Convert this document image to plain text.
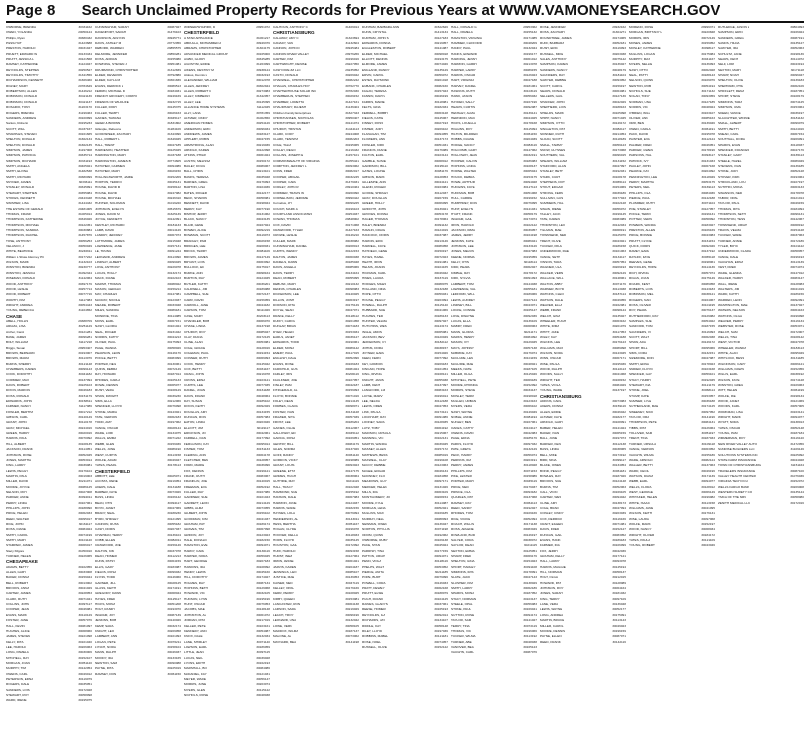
Page 8 Search Unclaimed Property Records for Previous Years at WWW.VAMONEYSEARCH.GOV
OSBORNE, BRENDA	30331162
OWEN, YOLANDA	20050124
Phillips, Ryan	30380432
PIZZA HUT	31423688
PRESTON, HAROLD	30031947
PRUETT, EDWARD W	30133434
PRUITT, JESSICA L	30121568
RAMSEY, KATHERINE	31124047
REYNOLDS, STEPHEN	30250527
REYNOLDS, TIMOTHY	31341556
RICHARDSON, KENNETH	31666460
RIGNEY, MARY	20784649
ROBERTSON, ALLEN	31446212
ROBINSON, DONALD	30421136
ROBINSON, DONALD	30421137
ROSARIO, TONY	31203170
ROGERS, BRENDA	31199463
SANDERS, ANDREW	30100999
Santos, Roberto	30195233
SCOTT, WILL	31037167
SHARPLES, STEVEN	30161665
SHELTON, DONALD	31662134
SHELTON, DONALD	31662135
SIMPSON, JAMES	31197008
SIMPSON, PATRICIA	30335714
SIMPSON, RICHARD	30331193
SMITH, ANGELA	30405021
SMITH, ELVINA	31482538
SMITH, RICHARD	30380099
SNYDER, JAMES	30336111
STANLEY, RONALD	30345991
STEWART, STEPHEN	30355084
STOKES, KENNETH	20443448
SWISHER, LISA	31444432
THE ESTATE OF GERALD	20481005
THOMAS, FRANK	31005014
THOMPSON, KATHERINE	30346026
THOMPSON, MICHAEL	30122451
THOMPSON, SANDRA	30030884
THOMPSON, RACHEL	31457876
TOSE, ANTHONY	30056253
VELASCO, J	30050049
WHITE, BEATRICE	30246911
William L Shaw Attorney PC	30177222
WILSON, MARK	31132103
WINSTON, BRENDA	30230777
WINSTON, JESSICA	31092344
WISEMAN, DONALD	31142064
WOOD, ANTHONY	30397176
WOOD, LESLIE	30257714
WOOD, ROBERT	30077716
WORTH, KIM	31117083
WRIGHT, ANDREA	30054443
YOUNG, REBECCA	31104652
CHASE
ABELL, HOLLIS	29388709
ARIAZA, LISA	30251129
Archer, Carol	30121281
BANE, JAMES	30096281
BOLT, WILLIAM	31117218
Briggs, Susan	29953407
BROWN, BERNARD	30193007
BROWN, MARIA	30113076
BURNS, SHERRY	30121148
CHAMBERS, KAREN	30099143
COOK, DOROTHY	30041182
CORMIER, MAX	30137094
DAVIS, ROBERT	30225103
DIXON, MARION	30046183
DOSS, RONALD	30151179
EDWARDS, JOHN	30158611
FARMER, NANCY	31117086
FOWLER, BERTHA	30017212
GIBSON, CARL	30140149
GRANT, JOHN	30110178
GRAY, MICHAEL	30244016
GREEN, HARRY	30020016
HARRIS, PAUL	30070092
HILL, ALBERT	30108135
JACKSON, FRANK	30114051
JOHNSON, ROSE	30052045
JONES, MARTHA	30053014
KING, LARRY	30039081
LEWIS, PEGGY	30176104
MARTIN, PAUL	30019003
MILLER, DAVID	30211071
MOORE, JOYCE	30086125
NELSON, ROY	30027008
PARKER, ANNE	30094011
PERRY, LINDA	30107061
PHILLIPS, JOHN	30188090
PRICE, HELEN	30062033
REED, WALTER	30095017
RICE, JOHN	30161117
ROSS, DIANE	30084024
SMITH, CAROL	30074199
SMITH, MARY	30101120
STAMPER, JAMES	30066017
Stacy Kilgore	31050010
TURNER, HELEN	30226065
CHESAPEAKE
ADAMS, BETTY	30102056
ALLEN, GARY	30033008
BAKER, DONNA	30159044
BELL, ROBERT	30013002
BROOKS, ANNA	30041029
CARTER, JAMES	30228053
CLARK, RUTH	30071041
COLLINS, JOHN	30097117
COOPER, JEAN	30046081
EVANS, MARK	30110129
FOSTER, JANE	30057076
HALL, KEVIN	30081097
HUGHES, ALICE	30068060
JAMES, STEVEN	30221098
KELLY, RITA	30101040
LEE, HAROLD	30206063
LONG, PAMELA	30030006
MITCHELL, RAY	30152107
MORGAN, JOAN	30051120
MURPHY, TIM	30142054
OWENS, CARL	30049012
PETERSON, EDNA	30119079
ROGERS, DALE	30035051
SANDERS, LOIS	30172028
STEWART, ROY	30058098
WARD, IRENE	30195075
CUNNINGHAM, SARAH	30087027
DAVENPORT, SARAH	31476103
DAVIDSON, ARLYNN	30945771
DAVIS, ASHLEY M	29772056
DEBORD, WARREN	29855575
DELMORE, JENNIFER	29850281
DOSS, ADRIAN	30155080
DOWNING, STEVEN J	30951081
DRUMMOND, CHRISTOPHER	31312839
ELDER, DEVERON	30792880
ELDER, KAYLA M	30361836
EVANS, DERRICK L	30089513
FERRIN, MICHAEL D	30184031
FRENCH GROCERY, CORPO	30249169
FRIENDS OF WILDLIFE	30232715
FULLER, DORY	30145375
FULLER, TEMPY	30026163
GAINES, TAWANA	30945117
GEIER & BROWN	31831802
Gillespie, Rebecca	31284106
GOODSPEED, ZACHARY	31343096
HALL, ROBERT L	31649045
HALL, TRENT	30047185
HARDESON, HEATHER	30125045
HARRINGTON, MARY	31037188
HARRINGTON, JAMES B	30774605
HATCHER, CARMEN	30094086
HATCHER, MARY	30029150
HOLLINGSWORTH, JAMIE	30152209
HORTON, TEDROI	30045131
HOUSE, DAVID M	30158122
HOUSE, DAVID	30247082
HOUSE, MICHAEL	30246310
HUNTER, SOLOMAN	31019220
JOHNSON, EVELYN	30515679
JONES, DAVID M	31625139
JOYCE, KENNETH	30142091
KENTLEY, RICHARD	30181133
LAMB, DAVID	30014126
LANDRY, JEFFREY	30067073
LATTIMORE, JAMES	30215048
LAWRENCE, JANE	30157131
LE, TRUNG	30091244
LEONARD, ANDREW	30113090
LINDSAY, ALBERT	30099045
LOVE, ANTHONY	30229078
LUCAS, HOLLY	30132174
MACK, DIANE	30102103
MARSH, THOMAS	30088022
MASON, GERALD	30159214
MAY, CHARLES	30147081
McCRAY, NICOLE	30123037
MEADE, ROBERT	30033048
MILES, SANDRA	30089181
MONROE, TINA	30114085
MOSS, EARL	30067151
NASH, GLORIA	30101024
NEAL, ROGER	30231042
NORRIS, KATHY	30044213
OLIVER, PAUL	30175093
PAGE, WANDA	30058026
PEARSON, LEON	30146176
POOLE, BETTY	30083099
PORTER, NEIL	30130061
QUINN, DEBRA	30072149
RAY, HOWARD	30187014
RHODES, CARLA	30105133
ROWE, DENNIS	30065077
RUSH, VERA	30168129
SHAW, DWIGHT	30039230
SIMS, ELLA	30212066
SPENCER, LLOYD	30076098
STONE, MARIA	30143021
TATE, VERNON	30062183
TODD, AMY	30197062
VANCE, OSCAR	30028144
WADE, LORI	30134075
WALLS, EMMA	30071222
WEBB, GLEN	30159036
WELLS, JUNE	30086190
WEST, CURTIS	30113158
WOLFE, ADAM	30049047
YATES, PEARL	30178113
CHESTERFIELD
ABBOTT, LEE	30025071
ACOSTA, RENE	30219054
AKERS, DALE	30131188
BARBER, FAYE	30073026
BASS, LINDA	30166142
BEAN, OTIS	30094117
BOYD, JANET	30047069
BRADY, NEAL	30188230
BYRD, SHIRLEY	30121095
CANNON, RUSS	30055182
CASH, DORIS	30207037
CHAPMAN, TERRY	30136104
COBB, ELLEN	30082011
CRAWFORD, JOE	30159146
DALTON, KIM	30037078
DEAN, HOMER	30112213
DUNN, PATSY	30064159
ELLIS, GARY	30183087
FIELDS, ROSA	30099032
FLYNN, TODD	30146060
GARNER, JILL	30028125
GLASS, KEITH	30174191
GREGORY, DAWN	30068044
HAYES, FRED	30125117
HICKS, MONA	30051208
HOLT, RANDY	30193070
INGRAM, JOY	30087139
JENKINS, BOB	30140026
KEMP, SARA	30032174
KNIGHT, LEO	30209058
LAMBERT, ANN	30101093
LOGAN, PETE	30076211
LYNCH, NORA	30158104
MANN, RALPH	30046037
MOODY, IDA	30133165
NEWTON, SAM	30090088
PAYNE, RITA	30225019
RAMSEY, DON	30061150
WIDNER/SHAPIRO, D	29951072
CHESTERFIELD
A STAR APPLIANCE	31061217
ABDULLA, MOHAMMED A	30949376
ABRAMS, CHRISTOPHER	31304175
ADVANCED MEDICAL GROUP	30165000
AGBO, GLORY	30345285
AGOSTINI, EDDIE	31263099
AIKENS, DESTINY M	30938124
Aldous, Dennis L	30032193
ALEXANDER, WILLIAM	30012078
ALLEN, JEFFREY	30302944
ALLEN, ROBERT C	30273083
ALLEY, KIMBERLY	31342057
ALLEY, LEE	30145395
ALLIANCE HOME SYSTEMS	31112045
ALLY, LANA	30781359
ALTIZER, CINDY	31002650
AMERICAN HOMES	30254126
ANDERSON, ERIC	30096034
ANDREWS, JAMES	30183127
APPLEBY, ROBIN	30047155
ARMSTRONG, ALAN	30219036
ARNOLD, KAREN	30122098
ATKINS, PHILIP	30061024
AUSTIN, MELISSA	30150172
BAILEY, DOUG	30089067
BALL, CHRIS	30213101
BANKS, TERESA	30035048
BARNES, GREG	30176093
BARTON, LISA	30104036
BATES, ROGER	30142177
BECK, SHARON	30058081
BENNETT, DAVID	30198044
BERRY, KAY	30077190
BISHOP, JERRY	30131062
BLACK, NANCY	30043135
BLAIR, GENE	30167024
BOWEN, ALICE	30092219
BOWMAN, SCOTT	30119073
BRADLEY, PAM	30026158
BRIDGES, LEE	30208031
BROCK, TERRY	30081106
BROWN, JAMES	30147149
BRYANT, LOIS	30063092
BULLOCK, ED	30175017
BURKE, ANN	30098164
BURTON, RAY	30124045
BUTLER, KATHY	30036201
CALDWELL, JIM	30189088
CAMPBELL, SUE	30072137
CARR, DAVID	30156059
CARROLL, JANE	30044182
CARSON, TOM	30111026
CASE, MARY	30203113
CHANDLER, BOB	30066070
CHASE, LINDA	30137198
CHURCH, ROY	30085047
CLAY, DIANA	30172125
CLINE, ALAN	30053081
COLE, GRACE	30128016
COLEMAN, PAUL	30194154
CONNER, RUTH	30069093
COOK, HENRY	30145042
COX, BETTY	30031167
CRAIG, JOHN	30216078
CROSS, EDNA	30103121
CURTIS, LEE	30077035
DANIEL, JOAN	30161188
DAVIS, FRANK	30048064
DAY, SUSAN	30185102
DIXON, KEITH	30092029
DOUGLAS, AMY	30134155
DUNCAN, RON	30057083
EATON, LINDA	30203046
ELLIOTT, JIM	30119117
ERICKSON, JO	30042061
FARRELL, DAN	30177092
FERGUSON, KAY	30095014
FISHER, TOM	30151133
FLEMING, ANN	30064178
FLETCHER, BEN	30128057
FORD, MARIE	30036096
FOX, DENNIS	30199121
FRANK, RUTH	30083067
FRANKLIN, JOE	30140015
FREEMAN, EVA	30052192
FULLER, RAY	30167086
GARDNER, SUE	30101043
GARRETT, LEON	30214129
GIBBS, ALMA	30073055
GILBERT, JOHN	30156102
GOODMAN, KIM	30041037
GRAHAM, PAT	30189174
GRAVES, TIM	30067098
GRIFFIN, JOY	30123023
HALE, DONALD	30182150
HAMILTON, EVE	30094071
HARDY, CARL	30136116
HARPER, NORA	30059045
HART, GEORGE	30207183
HAWKINS, IDA	30108092
HENRY, LEWIS	30045160
HILL, DOROTHY	30174027
HOLMES, RAY	30087134
HOPKINS, BETH	30129068
HOWARD, VIC	30032105
HUDSON, LYNN	30195196
HUNT, OSCAR	30076053
JACOBS, MAE	30148148
JOHNSTON, AL	30061072
JORDAN, RITA	30217019
KELLER, PETE	30103161
KENNEDY, ANN	30054087
KNOX, DALE	30132034
LANE, SHIRLEY	30071140
LAWSON, EARL	30186059
LITTLE, JEAN	30097115
LUCAS, NEIL	30039028
LYONS, EDITH	30162193
MARSHALL, BO	30084086
McDANIEL, FAY	30121031
MEYER, WADE	30056147
MORRIS, JUNE	30203074
MYERS, GLEN	30115122
NICHOLS, ROSE	30048038
CALHOUN, ANTHONY C	31409014
CHRISTIANSBURG
CALAWAY, AMY C	31323694
CANADY, VAN	31132604
CANNON, JOHN D	30945484
CANNON RIVER VALLEY	29976266
CARTER, KIM	30196016
CARTWRIGHT, DENISE	29227050
CASH FIRE ZZ LLC	29235052
CASTO, DONALD	30209042
CHADWELL, CHRISTOPHER	30082242
CHAGAS, CHARLES HOY	30762770
CHAPTERHOUSE SOLAR INC	30782030
CHAMBERLIN, STEPHEN	30029152
CHAMBER, LORETTA	31427161
CHAUDHARY, RAJESH	31136404
Children Family Enterprises	31627343
CHRISTIANSEN, NICHOLAS	30950407
CHRISTOPHER, ROBERT	30141074
CHURCH, TRISTAN	31444113
CLARK, CORY	30244008
CLARK, TENISHA	30082203
COLE, TALIA	30195065
COLLEY, REGO	31216432
COLLINS, JOSEPH E	31157101
COMMONWEALTH OF VIRGINIA	31055421
COMPTON, JEFFREY L	30093062
CONN, FRED	30082017
COOPER, ABIGAIL	30032245
COOPER, CARL	31479031
CORLEY, JOHN R	29910464
CORMIER, TRAVIS W	30260090
CORNELISON, JEROME	30990422
Cornelius, JH	30099225
COUCH, MARK A	30196103
COURTLAND ASSOCIATES	30254037
COWAN, THOMAS	29848002
COX, DAVID	30171068
CRAWFORD, TYLER	31427163
CROWE, LESLIE	30146210
CULLER, MARK	30038082
CUNNINGHAM, DANIEL	30208013
CURTIS, WENDY	30122153
DALTON, JAMES	30060038
DANIELS, DAWN	30185048
DAVIS, ANGELA	30085066
DAVIS, TERRY	30134164
DEAN, ROBERT	30055095
DEBUSK, MARY	30210132
DENNIS, CHARLES	30098083
DICKERSON, LEE	30140025
DILLON, JOSH	30063197
DODSON, RITA	30175149
DOYLE, SEAN	30047071
DRAKE, KELLY	30128112
DUFFY, CAROL	30201058
DUNLAP, BRIAN	30074183
DYER, HELEN	30153034
EARLS, JANET	30036127
EDWARDS, TODD	30190061
ELDER, MONA	30089142
EMERY, PAUL	30117015
ENGLISH, DALE	30052096
EVANS, ROSE	30166183
FAIRCHILD, GUS	30081024
FARLEY, IRIS	30206116
FAULKNER, JOE	30107057
FINLEY, PAM	30042187
FITZGERALD, AL	30159093
FLOYD, BONNIE	30071016
FOLEY, DEAN	30214145
FORBES, CLARA	30098071
FOSTER, IVAN	30131128
FRAZIER, NITA	30057039
FROST, LEE	30186204
GAINES, OLLIE	30112067
GALLOWAY, ED	30045112
GARCIA, ROSA	30169051
GENTRY, BILL	30084179
GILES, NORMA	30137026
GOFF, RANDY	30061140
GORDON, VICKY	30198089
GRANT, LOUIS	30093023
GREENE, ETTA	30147175
GRIMES, HUGH	30038064
GUTHRIE, MAY	30211119
HALL, TRACY	30102048
HAMMOND, SUE	30155192
HANSON, DALE	30067083
HARMON, JUNE	30124037
HARRIS, WADE	30182156
HAYNES, LOLA	30079094
HENDERSON, AL	30143011
HESS, BERTHA	30051167
HOGAN, CLYDE	30196078
HOOVER, DELLA	30118033
HORN, FLOYD	30035145
HOUSTON, GAIL	30172092
HUFF, HAROLD	30093158
HURST, INEZ	30127064
IRWIN, JESSE	30061021
JARVIS, KAREN	30204187
JENNINGS, LEO	30085107
JUSTICE, MAE	30139053
KAISER, NED	30047119
KELLEY, OPAL	30176166
KERR, PERRY	30108025
KIRBY, QUEEN	30153081
LANCASTER, RON	30064138
LARSON, SARA	30219029
LEACH, TROY	30096196
LEONARD, UNA	30132042
LOWE, VERN	30058105
MADDOX, WILMA	30187137
MALONE, AL	30073062
MAYNARD, BEA	30141198
DUNHAM, BARBARA ANN	31522626
DUNN, CRYSTAL	31413134
DURHAM, JOHN S	30127183
EDWARDS, DONNA	30219057
EGGLESTON, ROBERT	30141087
ELDER, MICHAEL	30098018
ELLIOTT, DENNIS	30193175
ELMORE, JAMES	30074046
ENGLAND, RANDY	30135129
ERVIN, CAROL	30059072
ESTES, RAYMOND	30201018
EUBANK, CHARLES	30082160
FAGAN, TERESA	30157043
FANNIN, DARYL	30046199
FARRIS, MARIE	30118081
FELTS, GINA	30182034
FERRELL, BOBBY	30063128
FIELDS, KATIE	30145067
FINNEY, ROSS	30027193
FISHER, JUDY	30209102
FLANAGAN, TIM	30094055
FLOWERS, ANN	30137173
FOWLER, KIRK	30051031
FRANCIS, DIANE	30176089
FULTON, EARL	30103144
GAMBLE, SUSIE	30068012
GARRISON, BILL	30195110
GATES, LOUISE	30081176
GIBSON, MARK	30128053
GILLESPIE, ANN	30044121
GLENN, ROGER	30163084
GOODE, SHIRLEY	30112037
GRAY, DOUGLAS	30207159
GREER, HOLLY	30066095
GRIFFITH, JOHN	30139021
GROVES, DONNA	30053178
HAGER, THOMAS	30178064
HALEY, BRENDA	30091132
HAMLIN, CRAIG	30124019
HANCOCK, DORIS	30037087
HARDIN, ERIC	30213146
HARRELL, FAYE	30086058
HATFIELD, GENE	30150197
HAYES, HAZEL	30072023
HEATH, IRVIN	30191081
HELMS, JOANN	30104165
HICKMAN, KARL	30046042
HINES, LAURA	30167119
HODGES, MILES	30088075
HOLLAND, NINA	30132188
HOPE, OTTO	30059031
HOUSE, PEGGY	30203094
HOWELL, RALPH	30115140
HUBBARD, SUE	30041066
HUGHES, TED	30186133
HUNTER, VELMA	30097027
HUTCHINS, WES	30143174
INGLE, AMOS	30065081
JACKSON, BEV	30120049
JEFFERSON, CY	30182112
JOHNS, DORA	30038157
JOYNER, EARL	30154026
KEEN, FERN	30077092
KEY, GORDON	30209183
KINCAID, HOPE	30101054
KING, IRVING	30168121
KNIGHT, JANIS	30055038
LAMB, KENT	30137097
LANGFORD, LIZ	30083163
LAYNE, MARV	30196014
LEE, NELDA	30112188
LEWIS, OREN	30047053
LINK, PAULA	30173121
LOCKHART, RAY	30091086
LOONEY, SARA	30128035
LUTZ, TOBY	30064192
MADISON, URSULA	30215067
MANNING, VIC	30102131
MARTIN, WANDA	30039045
MASSEY, ALLEN	30157172
MATHEWS, BESS	30085019
MAXWELL, CLAY	30199108
McCOY, DEBBIE	30123063
McGEE, EDGAR	30046134
McKINNEY, FLO	30184058
MEADOWS, GUY	30097171
MERCER, HELEN	30131026
MILLS, IRA	30063109
MONTGOMERY, JO	30208154
MOORE, KYLE	30114087
MORGAN, LENA	30052021
MULLINS, MAX	30169185
MURRAY, NELL	30088093
NEWMAN, OWEN	30136047
NORTON, PHYLLIS	30071198
ODOM, QUINN	30192062
OSBORNE, RUBY	30109138
PACE, STAN	30045024
PARRISH, TINA	30177159
PATTON, URIAH	30094071
PENN, VIOLA	30128116
PHELPS, WALT	30053052
PIERCE, ANITA	30211185
POPE, BURT	30079096
POWELL, CORA	30146033
PRATT, DEWEY	30062168
PRUITT, ELSIE	30188079
PUGH, FRANK	30104125
RAINES, GLADYS	30037061
REESE, HOMER	30165193
REYNOLDS, ILA	30092014
RICHARDS, JAY	30134107
RIDDLE, KAY	30058148
RILEY, LLOYD	30197036
ROBBINS, MABEL	30121181
ROSE, NOEL	30074057
RUSSELL, OLIVE	30152122
HALL, DONALD G	29953362
HALL, PAMELA	30155132
HAMILTON, VIRGINIA	30171085
HAMMER, CLIFFORD	30048209
HANDY, PAUL	30132044
HANKS, EDWARD	30196177
HARDING, JENNY	30061012
HARMON, GARRY	30213078
HARPER, LARRY	30089155
HARRIS, OSCAR	30126023
HART, VIRGINIA	30047188
HARVEY, DANIEL	30181061
HASKINS, RUTH	30103119
HAWK, JASON	30056032
HAYDEN, SALLY	30167196
HEARN, CURTIS	30092087
HENSLEY, ALMA	30139141
HERNDON, MAC	30044025
HICKS, LOUELLA	30178168
HIGGINS, ROY	30115094
HILTON, MILDRED	30061150
HOBBS, DUANE	30204039
HODGE, NANCY	30083116
HOLCOMB, GARY	30147062
HOLLOWAY, JEAN	30032191
HOOPER, CALVIN	30186083
HOPKINS, LINDA	30108137
HORNE, WALTER	30065044
HOUCK, DEBRA	30153175
HOWE, ARTHUR	30094028
HUDGINS, FAYE	30127113
HUFFMAN, BOB	30051068
HULL, CARRIE	30199152
HUMPHREY, DON	30076095
HUNT, EVELYN	30141031
HYATT, FRANK	30058179
INGRAM, GAIL	30173074
IRVIN, HAROLD	30102122
JACKSON, IRMA	30039057
JAMES, JERRY	30164198
JENKINS, KATE	30086041
JOHNSON, LEE	30133126
JONES, MELVIN	30047083
KEENE, NORMA	30195059
KELLY, OTIS	30118114
KIDD, PEARL	30062027
KIMBLE, RAY	30178172
KIRK, SYLVIA	30091093
LAMBERT, TOM	30144038
LAWRENCE, VAL	30055181
LEDFORD, WILL	30189066
LEWIS, AUDREY	30107124
LINDSEY, BILL	30043071
LOCKE, CONNIE	30165147
LOVE, DWAYNE	30092036
LUCAS, ELLA	30136109
MABRY, FRED	30068063
MANN, GLORIA	30211171
MARKS, HENRY	30084092
MASON, IVY	30129045
MAYS, JOHNNY	30057138
McBRIDE, KAY	30176074
McCLURE, LEN	30101159
McGUIRE, MAE	30048021
MEEKS, NATE	30187105
MILLER, OLGA	30115046
MITCHELL, PETE	30069189
MOORE, RHONDA	30152092
MORRIS, STEVE	30034137
MOSLEY, TERRI	30198018
MULLEN, URBAN	30123163
MYERS, VERA	30066102
NASH, WAYNE	30149049
NOBLE, ANNIE	30081194
NUNLEY, BEN	30167061
OAKES, CATHY	30104117
OWENS, DAVID	30042083
PAGE, EDNA	30185176
PARKS, FLOYD	30097032
PATE, GRETA	30132129
PECK, HARRY	30056074
PERKINS, IDA	30203191
PERRY, JAMES	30118028
PHILLIPS, KIM	30071153
PIKE, LESTER	30158086
PORTER, MARY	30045119
PRICE, NED	30179037
PRINCE, OLA	30093182
QUARLES, PAT	30137068
RAMSEY, RAY	30064113
REED, SANDY	30192027
RHODES, TOM	30109166
RICE, VICKIE	30052094
ROACH, WILLIS	30171138
ROSS, ARLENE	30083049
ROWLAND, BUD	30146197
SALYER, CORA	30038072
SAYLOR, DEAN	30211115
SEXTON, EMMA	30125051
SHARP, FRED	30069176
SHELTON, GINA	30154023
SHORT, HARLEY	30091108
SIMMONS, IRIS	30178091
SLATE, JACK	30047143
SLUSHER, KIM	30138029
SMITH, LARRY	30062186
SPARKS, MONA	30187052
STACY, NORMAN	30103137
STEELE, OPAL	30056083
STONE, PAUL	30169041
SUTTON, ROSE	30094174
TAYLOR, SAM	30141027
TERRY, TINA	30072119
THOMAS, VIC	30196066
TUCKER, WILMA	30113192
TURNER, ABE	30048038
VANOVER, BEA	30165123
VAUGHN, CARL	30087076
ROSE, JENNIFER	29932162
ROSS, ZACHARY	31304271
ROUNDTREE, JAMES	30174065
RUFF, BARBARA	30052181
RUSH, ERIC	30119093
RUSSELL, MIKE	30203038
SALES, ANTHONY	30075142
SAMPSON, KAREN	30136027
SANDERS, NANCY	30048179
SAUNDERS, RAY	30181104
SAWYER, DEBBIE	30093052
SCOTT, CAROL	30159197
SEARS, DONALD	30064081
SELLERS, GAIL	30127136
SHAFFER, JOHN	30042029
SHEPHERD, LOIS	30188163
SHIELDS, MARK	30105098
SHIPP, NANCY	30071045
SIMPSON, OTTO	30149172
SINGLETON, PAT	30082117
SKINNER, RUTH	30214054
SLOAN, SCOTT	30118189
SMALL, TAMMY	30059123
SNOW, ULYSSES	30173068
SOUTHERN, VAL	30096015
SPEARS, WILLIAM	30131152
STAFFORD, ALAN	30047097
STANLEY, BETH	30192031
STARK, CURT	30108178
STEPHENS, DOT	30065114
STOUT, EDGAR	30154069
STRONG, FERN	30039186
SULLIVAN, GUS	30177043
SUMMERS, HAL	30102128
SWAIN, IRENE	30056072
TALLEY, JACK	30199145
TATE, KAREN	30083089
THORNTON, LEO	30142034
TILLMAN, MAE	30068191
TOWNSEND, NED	30125076
TRENT, OLIVE	30043021
TUCKER, PAUL	30186158
UNDERWOOD, RAE	30101063
VANCE, SETH	30134117
VINSON, TARA	30057054
WAGNER, ULA	30209193
WALKER, VERN	30092129
WALLACE, WILL	30148061
WALTON, ABBY	30071176
WARNER, BOYD	30113038
WATKINS, CLEO	30187114
WATSON, DALE	30049056
WEAVER, ELLA	30162081
WEBB, FRANK	30098144
WELCH, GINA	30135027
WHEELER, HUGH	30063162
WHITE, IRMA	30201079
WHITT, JAKE	30117053
WILEY, KAY	30054188
WILKINS, LEE	30176123
WILLIAMS, MAX	30089098
WILSON, NORA	30143045
WINN, OSCAR	30067171
WISE, PAULA	30195036
WOOD, RALPH	30122113
WOODS, SALLY	30041068
WRIGHT, TED	30168152
YATES, VIOLA	30084029
YOUNG, WADE	30137197
CHRISTIANSBURG
ADKINS, CARL	30073083
AKERS, DONNA	30159116
ALLEN, EDDIE	30046042
ALTIZER, FAYE	30182177
ARNOLD, GARY	30108091
BABER, HELEN	30141024
BAKER, IVAN	30065159
BALL, JUNE	30197073
BARKER, KEN	30112138
BASS, LINDA	30038065
BELL, MIKE	30173192
BIRD, NINA	30099117
BLAKE, OWEN	30134054
BOND, PEGGY	30061181
BOWLES, RAY	30187026
BROOKS, SUE	30124148
BURNS, TIM	30052063
CALL, VICKI	30169105
CARTER, WES	30094042
CLINE, AMY	30138173
COLE, BRAD	30047094
CONLEY, CINDY	30203039
COX, DERRICK	30116166
CRAFT, EILEEN	30071081
DAVIS, FRED	30152127
DUNCAN, GAIL	30083052
EVANS, HANK	30189183
FARMER, IDA	30106099
FOX, JERRY	30042036
GRAHAM, KELLY	30177121
HALL, LARRY	30093078
HARRIS, MAGGIE	30145194
HILL, NORMAN	30058137
HOLT, OLGA	30212015
HOWARD, PAT	30128089
JOHNSON, ROY	30064164
JONES, SARAH	30181032
KING, TERRY	30097109
LANE, VERA	30136048
LEWIS, WAYNE	30052177
LONG, ANDREA	30175091
MARTIN, BRUCE	30113143
MILLER, CAROL	30049023
MOORE, DENNIS	30196159
PAYNE, ELLEN	30087071
REED, FRANK	30142116
MORENO, ROSE	29999371
MORGAN, BRITTANY L	30220848
MORRIS, IRIS	30072149
MOSES, JAMES	30159052
MOSLEY, KATHERINE	30098117
MULLINS, LOGAN	30175084
MURPHY, MAX	30041167
MYERS, NELLIE	30136093
NASH, OTTO	30062028
NEAL, PATTY	30188143
NELSON, QUINN	30109076
NEWTON, ROB	30054194
NICHOLS, SUE	30171132
NOLAN, TONY	30093059
NORMAN, UNA	30127185
NORRIS, VIC	30048024
O'BRIEN, WILL	30163107
OLIVER, ANN	30085163
ORR, BEN	30139046
OWEN, CARLA	30061191
PACK, DAVID	30195078
PAINTER, EVA	30112124
PALMER, FRED	30046051
PARKER, GWEN	30178196
PARSONS, HAL	30093117
PATRICK, IVY	30131033
PAULEY, JOHN	30067168
PEARCE, KAY	30204092
PENNINGTON, LEE	30118049
PERRY, MARTHA	30053175
PETERS, NEIL	30169113
PHILLIPS, OLA	30084036
PIERCE, PAUL	30142188
PLUMMER, RUTH	30071104
POE, STANLEY	30127057
POOLE, TERRI	30196131
POTTER, VERN	30058092
POWERS, WANDA	30183027
PRESTON, ALLEN	30106169
PRICE, BONNIE	30043083
PRUITT, CLYDE	30161154
QUICK, DORIS	30092046
RAMEY, EARL	30137192
RATLIFF, FAYE	30065118
REEVES, GENE	30198061
REYNOLDS, HOPE	30114136
RICH, IRVING	30057074
RIGGS, JOAN	30175149
ROARK, KENT	30089058
ROBERTS, LOIS	30143183
ROBINSON, MEL	30038121
ROGERS, NAN	30164067
ROSS, OLIVER	30101195
ROY, PEARL	30076137
RUTHERFORD, RAY	30129082
SAMPLES, SUE	30054022
SANFORD, TOM	30187155
SAUNDERS, VI	30116093
SCOTT, WALT	30062038
SHAW, ADA	30149172
SHORT, BILL	30095066
SIMS, CORA	30132151
SIZEMORE, DON	30047087
SMITH, EDNA	30178023
SNIDER, FLOYD	30103168
SPENCER, GAY	30059101
STACY, HARRY	30192045
STEWART, INA	30121179
STONE, JOEL	30068114
STUMP, KATE	30153057
SUMNER, LYLE	30036188
SUTHERLAND, MAE	30174125
SWEENEY, NICK	30097052
TAYLOR, ORA	30141196
THOMPSON, PETE	30084131
TIBBS, RITA	30126064
TOLLIVER, SAM	30051197
TRENT, TINA	30187033
TURNER, URSULA	30109118
VANCE, VERNON	30063052
VAUGHN, WILMA	30155186
WADE, ARNOLD	30082124
WALLER, BETTY	30137063
WARD, CECIL	30049196
WATSON, DIANA	30171139
WEBB, EARL	30094077
WELLS, FLORA	30128012
WEST, GEORGE	30066149
WHITAKER, HELEN	30199082
WHITE, ISAAC	30113158
WILLIAMS, JANE	30041095
WILSON, KEITH	30176131
WISE, LAURA	30097068
WOLFE, MARK	30152197
WOOD, NANCY	30068034
WRIGHT, OLIVER	30184172
YATES, PAULA	30121109
YOUNG, ROBERT	30043046
RUTLEDGE, JASON L	30804993
SAMPSON, ERIN	30166024
SANDERS, GREG	30087191
SANDS, HILDA	30135127
SAWYER, IRA	30052063
SCHULTZ, JANE	30198136
SEARS, KENT	30114072
SELF, LORI	30043194
SEXTON, MARY	30171118
SHARP, NOAH	30096047
SHELTON, OLIVE	30139183
SHEPPARD, PHIL	30062106
SHIFFLETT, RENA	30187051
SHORT, STEVE	30108179
SIMMONS, TARA	30074125
SIMPSON, UMA	30153064
SKEEN, VANCE	30036197
SLAUGHTER, WINNIE	30181132
SMALL, ALBERT	30099079
SMITH, BETTY	30124016
SNEAD, CARL	30067154
SOUTHALL, DORA	30209091
SPARKS, EVAN	30118037
SPENCER, FRANCES	30047176
STANLEY, GARY	30165113
STEELE, HAZEL	30089049
STEVENS, IVAN	30136185
STONE, JUDY	30052128
STOVER, KIRK	30193064
STRICKLAND, LOU	30107197
SUTPHIN, MONA	30063133
SWANSON, NED	30178078
TABOR, OPAL	30121014
TAYLOR, PAUL	30049159
THOMAS, RITA	30184094
THOMPSON, SETH	30096131
THORNTON, TESS	30142067
TOWNSEND, URIAH	30068192
TRAVIS, VELMA	30154128
TUCKER, WADE	30037063
TURNER, ANNIE	30172186
TYLER, BOYD	30101122
UNDERWOOD, CLARA	30058057
VANCE, DALE	30196193
VAUGHAN, EDNA	30113139
VEST, FRED	30074074
WADE, GLENDA	30147012
WALKER, HARRY	30083147
WALL, IRENE	30128083
WALTERS, JIM	30041019
WARD, KATHY	30186156
WARREN, LEON	30092091
WASHINGTON, MAE	30137027
WATERS, NELSON	30064163
WATKINS, OLGA	30199098
WEAVER, PERRY	30116134
WEBSTER, ROSE	30053071
WELCH, SAM	30172007
WELLS, TINA	30108142
WEST, VICTOR	30047078
WHEELER, WANDA	30183113
WHITE, ALAN	30095049
WHITLOCK, BESS	30131185
WILKINSON, CARY	30066121
WILLIAMS, DAWN	30152056
WILLIS, EARL	30038192
WILSON, FAYE	30174128
WINSTON, GREG	30109063
WITT, HELEN	30061199
WOLFE, IKE	30198134
WOOD, JANET	30121069
WOODS, KARL	30057005
WORKMAN, LISA	30163141
WRIGHT, MARK	30094077
WYATT, NORA	30138013
YATES, OSCAR	30052148
YOUNG, PAM	30187184
ZIMMERMAN, ROY	30116120
NEW RIVER VALLEY AUTO	31472056
SUNRISE BUILDERS LLC	31109146
SOLUTIONS SYSTEMS INC	30225092
STATE FARM INSURANCE	30044028
TOWN OF CHRISTIANSBURG	31151164
TRAVELERS INSURANCE	30087100
VALLEY HEALTH CENTER	31076036
VIRGINIA TECH FCU	30152072
WELLS FARGO BANK	30209008
WESTERN SURETY CO	30135144
YMCA OF THE NRV	30058080
ZENITH MEDICAL LLC	30172016
